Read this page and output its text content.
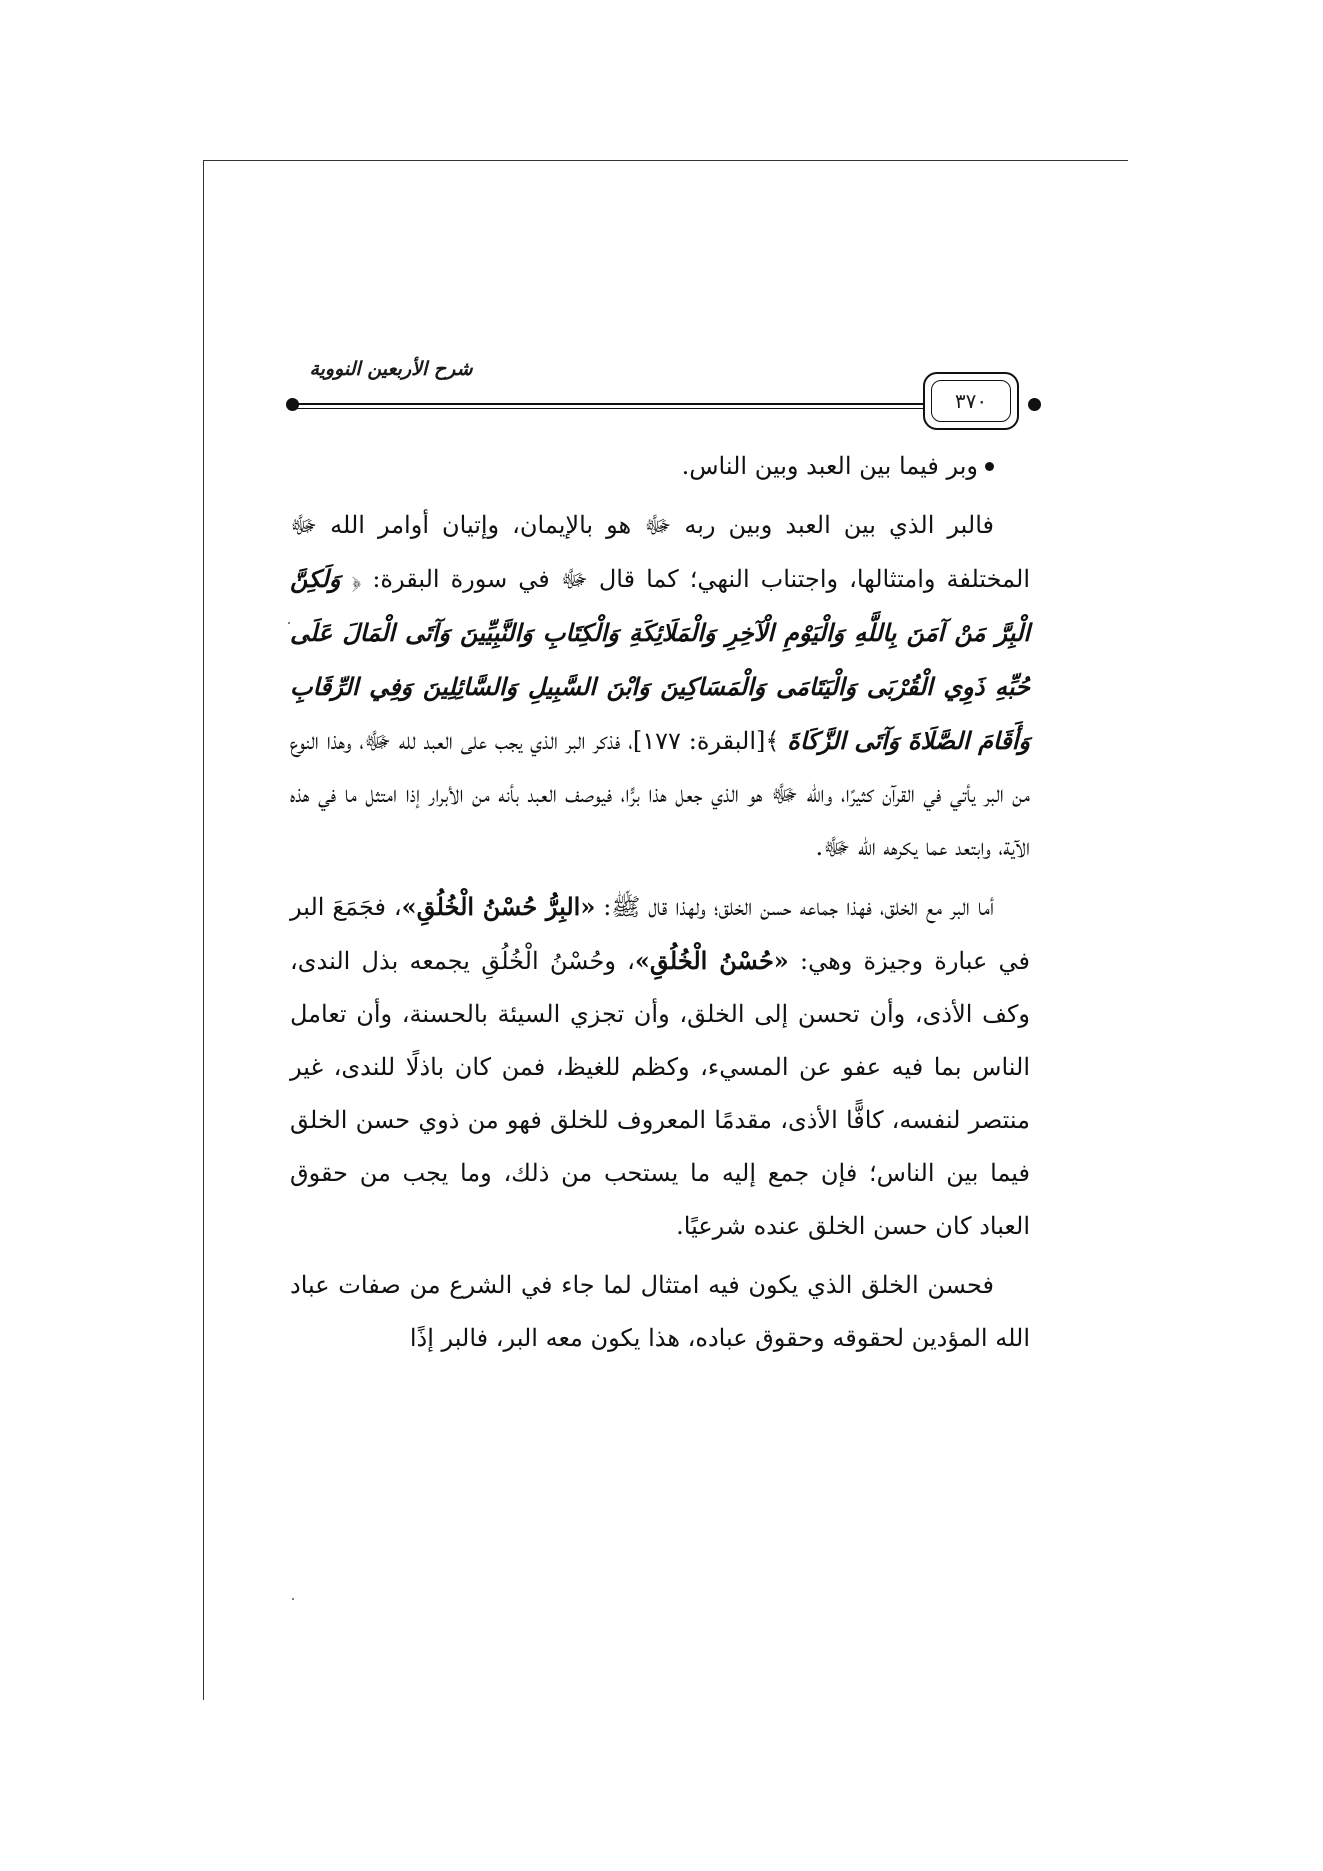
شرح الأربعين النووية
٣٧٠

وبر فيما بين العبد وبين الناس.

فالبر الذي بين العبد وبين ربه ﷻ هو بالإيمان، وإتيان أوامر الله ﷻ المختلفة وامتثالها، واجتناب النهي؛ كما قال ﷻ في سورة البقرة: ﴿ وَلَكِنَّ الْبِرَّ مَنْ آمَنَ بِاللَّهِ وَالْيَوْمِ الْآخِرِ وَالْمَلَائِكَةِ وَالْكِتَابِ وَالنَّبِيِّينَ وَآتَى الْمَالَ عَلَى حُبِّهِ ذَوِي الْقُرْبَى وَالْيَتَامَى وَالْمَسَاكِينَ وَابْنَ السَّبِيلِ وَالسَّائِلِينَ وَفِي الرِّقَابِ وَأَقَامَ الصَّلَاةَ وَآتَى الزَّكَاةَ ﴾[البقرة: ١٧٧]، فذكر البر الذي يجب على العبد لله ﷻ، وهذا النوع من البر يأتي في القرآن كثيرًا، والله ﷻ هو الذي جعل هذا برًّا، فيوصف العبد بأنه من الأبرار إذا امتثل ما في هذه الآية، وابتعد عما يكرهه الله ﷻ.

أما البر مع الخلق، فهذا جماعه حسن الخلق؛ ولهذا قال ﷺ: «البِرُّ حُسْنُ الْخُلُقِ»، فجَمَعَ البر في عبارة وجيزة وهي: «حُسْنُ الْخُلُقِ»، وحُسْنُ الْخُلُقِ يجمعه بذل الندى، وكف الأذى، وأن تحسن إلى الخلق، وأن تجزي السيئة بالحسنة، وأن تعامل الناس بما فيه عفو عن المسيء، وكظم للغيظ، فمن كان باذلًا للندى، غير منتصر لنفسه، كافًّا الأذى، مقدمًا المعروف للخلق فهو من ذوي حسن الخلق فيما بين الناس؛ فإن جمع إليه ما يستحب من ذلك، وما يجب من حقوق العباد كان حسن الخلق عنده شرعيًا.

فحسن الخلق الذي يكون فيه امتثال لما جاء في الشرع من صفات عباد الله المؤدين لحقوقه وحقوق عباده، هذا يكون معه البر، فالبر إذًا
